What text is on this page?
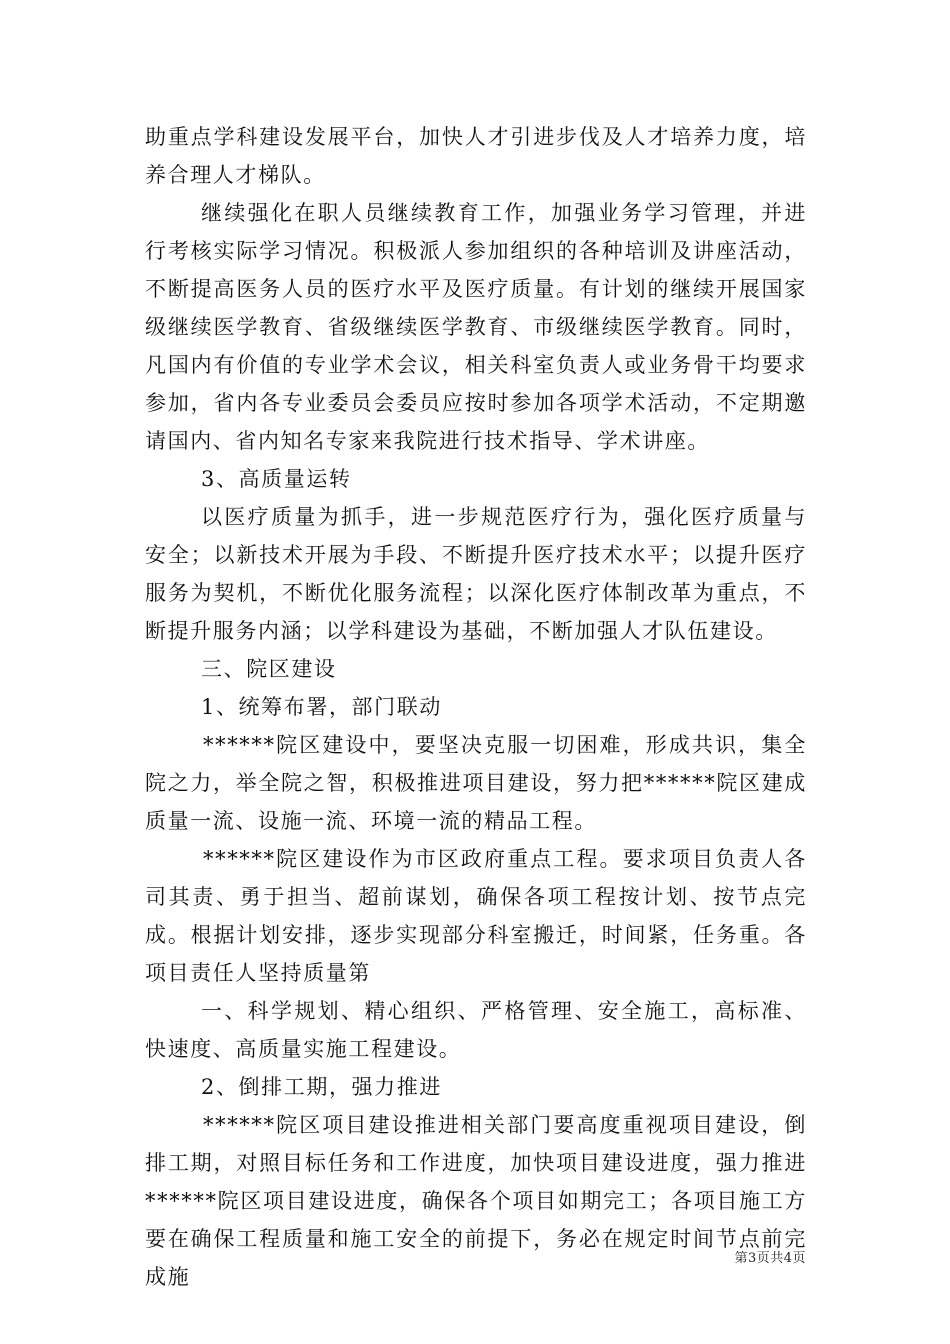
助重点学科建设发展平台，加快人才引进步伐及人才培养力度，培养合理人才梯队。

继续强化在职人员继续教育工作，加强业务学习管理，并进行考核实际学习情况。积极派人参加组织的各种培训及讲座活动，不断提高医务人员的医疗水平及医疗质量。有计划的继续开展国家级继续医学教育、省级继续医学教育、市级继续医学教育。同时，凡国内有价值的专业学术会议，相关科室负责人或业务骨干均要求参加，省内各专业委员会委员应按时参加各项学术活动，不定期邀请国内、省内知名专家来我院进行技术指导、学术讲座。

3、高质量运转

以医疗质量为抓手，进一步规范医疗行为，强化医疗质量与安全；以新技术开展为手段、不断提升医疗技术水平；以提升医疗服务为契机，不断优化服务流程；以深化医疗体制改革为重点，不断提升服务内涵；以学科建设为基础，不断加强人才队伍建设。

三、院区建设

1、统筹布署，部门联动

******院区建设中，要坚决克服一切困难，形成共识，集全院之力，举全院之智，积极推进项目建设，努力把******院区建成质量一流、设施一流、环境一流的精品工程。

******院区建设作为市区政府重点工程。要求项目负责人各司其责、勇于担当、超前谋划，确保各项工程按计划、按节点完成。根据计划安排，逐步实现部分科室搬迁，时间紧，任务重。各项目责任人坚持质量第

一、科学规划、精心组织、严格管理、安全施工，高标准、快速度、高质量实施工程建设。

2、倒排工期，强力推进

******院区项目建设推进相关部门要高度重视项目建设，倒排工期，对照目标任务和工作进度，加快项目建设进度，强力推进******院区项目建设进度，确保各个项目如期完工；各项目施工方要在确保工程质量和施工安全的前提下，务必在规定时间节点前完成施

第3页共4页
